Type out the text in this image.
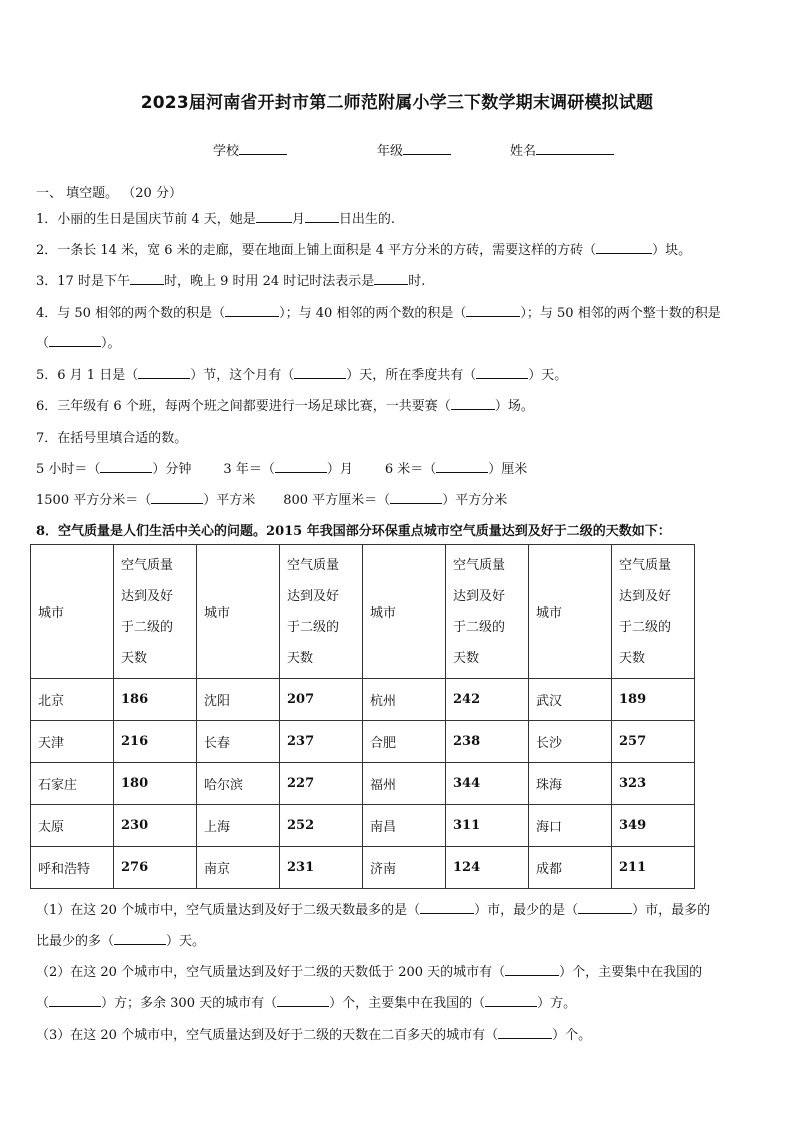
2023届河南省开封市第二师范附属小学三下数学期末调研模拟试题
学校	年级	姓名
一、 填空题。 （20 分）
1．小丽的生日是国庆节前 4 天，她是	月	日出生的.
2．一条长 14 米，宽 6 米的走廊，要在地面上铺上面积是 4 平方分米的方砖，需要这样的方砖（	）块。
3．17 时是下午	时，晚上 9 时用 24 时记时法表示是	时.
4．与 50 相邻的两个数的积是（	）；与 40 相邻的两个数的积是（	）；与 50 相邻的两个整十数的积是
（	）。
5．6 月 1 日是（	）节，这个月有（	）天，所在季度共有（	）天。
6．三年级有 6 个班，每两个班之间都要进行一场足球比赛，一共要赛（	）场。
7．在括号里填合适的数。
5 小时＝（	）分钟 3 年＝（	）月 6 米＝（	）厘米
1500 平方分米＝（	）平方米 800 平方厘米＝（	）平方分米
8．空气质量是人们生活中关心的问题。2015 年我国部分环保重点城市空气质量达到及好于二级的天数如下：
城市	空气质量
达到及好
于二级的
天数	城市	空气质量
达到及好
于二级的
天数	城市	空气质量
达到及好
于二级的
天数	城市	空气质量
达到及好
于二级的
天数
北京	186	沈阳	207	杭州	242	武汉	189
天津	216	长春	237	合肥	238	长沙	257
石家庄	180	哈尔滨	227	福州	344	珠海	323
太原	230	上海	252	南昌	311	海口	349
呼和浩特	276	南京	231	济南	124	成都	211
（1）在这 20 个城市中，空气质量达到及好于二级天数最多的是（	）市，最少的是（	）市，最多的
比最少的多（	）天。
（2）在这 20 个城市中，空气质量达到及好于二级的天数低于 200 天的城市有（	）个，主要集中在我国的
（	）方；多余 300 天的城市有（	）个，主要集中在我国的（	）方。
（3）在这 20 个城市中，空气质量达到及好于二级的天数在二百多天的城市有（	）个。
